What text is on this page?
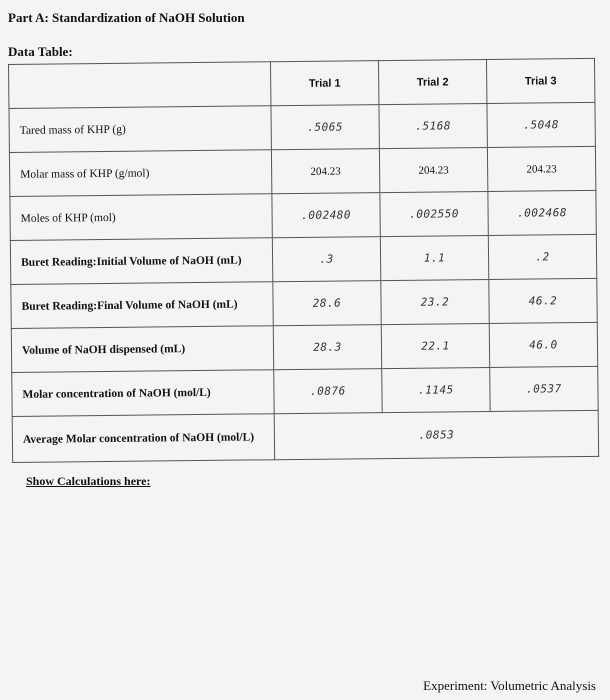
Part A: Standardization of NaOH Solution
Data Table:
	Trial 1	Trial 2	Trial 3
Tared mass of KHP (g)	.5065	.5168	.5048
Molar mass of KHP (g/mol)	204.23	204.23	204.23
Moles of KHP (mol)	.002480	.002550	.002468
Buret Reading:Initial Volume of NaOH (mL)	.3	1.1	.2
Buret Reading:Final Volume of NaOH (mL)	28.6	23.2	46.2
Volume of NaOH dispensed (mL)	28.3	22.1	46.0
Molar concentration of NaOH (mol/L)	.0876	.1145	.0537
Average Molar concentration of NaOH (mol/L)	.0853		
Show Calculations here:
Experiment: Volumetric Analysis
